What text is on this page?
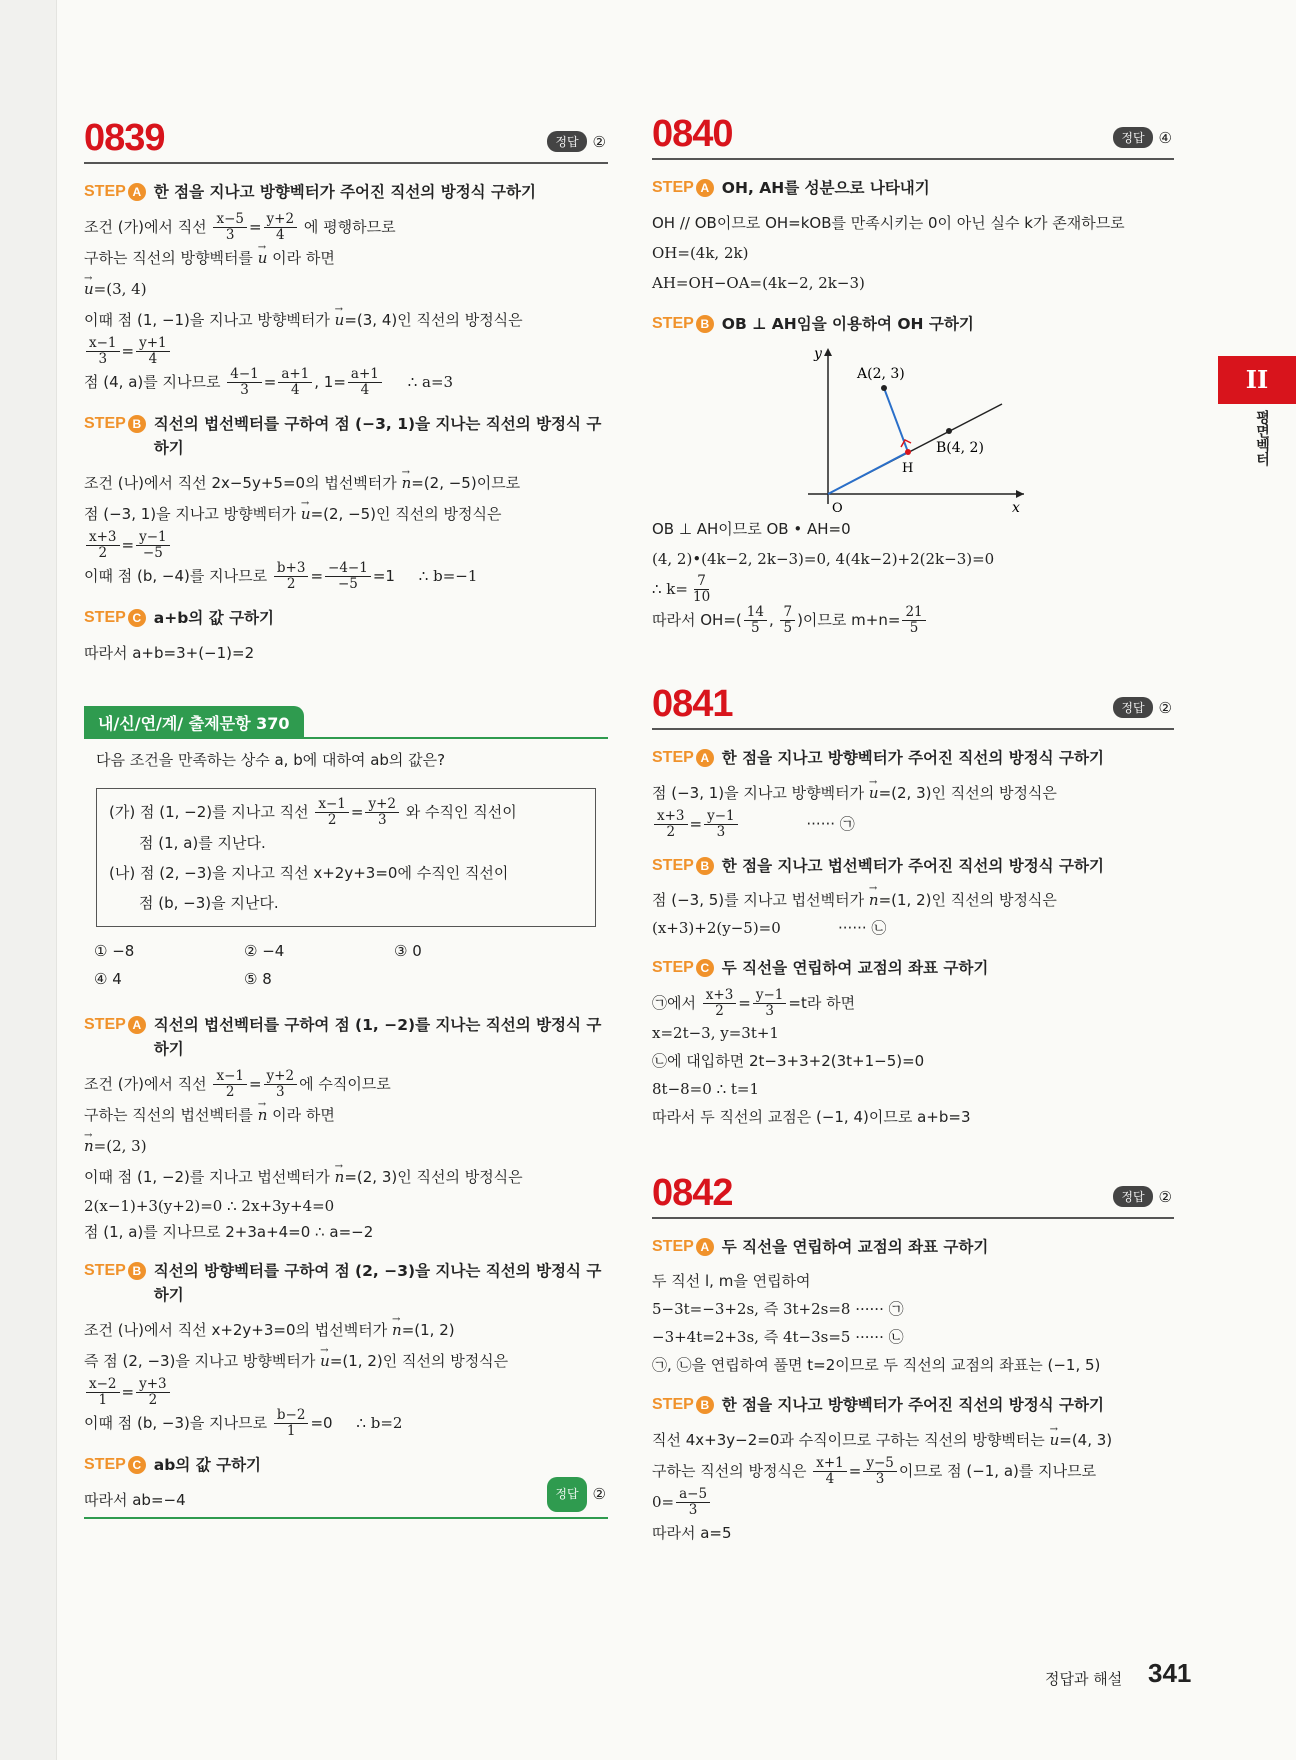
0839	정답 ②
STEP A 한 점을 지나고 방향벡터가 주어진 직선의 방정식 구하기
조건 (가)에서 직선 $\frac{x-5}{3} = \frac{y+2}{4}$ 에 평행하므로
구하는 직선의 방향벡터를 → u 이라 하면
→ u=(3, 4)
이때 점 (1, −1)을 지나고 방향벡터가 → u=(3, 4)인 직선의 방정식은
$\frac{x-1}{3} = \frac{y+1}{4}$
점 (4, a)를 지나므로 $\frac{4-1}{3} = \frac{a+1}{4}$ , $1= \frac{a+1}{4}$ ∴ a=3
STEP B 직선의 법선벡터를 구하여 점 (−3, 1)을 지나는 직선의 방정식 구하기
조건 (나)에서 직선 2x−5y+5=0의 법선벡터가 → n=(2, −5)이므로
점 (−3, 1)을 지나고 방향벡터가 → u=(2, −5)인 직선의 방정식은
$\frac{x+3}{2} = \frac{y-1}{-5}$
이때 점 (b, −4)를 지나므로 $\frac{b+3}{2} = \frac{-4-1}{-5} =1$ ∴ b=−1
STEP C a+b의 값 구하기
따라서 a+b=3+(−1)=2
내/신/연/계/ 출제문항 370
다음 조건을 만족하는 상수 a, b에 대하여 ab의 값은?
(가) 점 (1, −2)를 지나고 직선 $\frac{x-1}{2} = \frac{y+2}{3}$ 와 수직인 직선이
점 (1, a)를 지난다.
(나) 점 (2, −3)을 지나고 직선 x+2y+3=0에 수직인 직선이
점 (b, −3)을 지난다.
① −8	② −4	③ 0
④ 4	⑤ 8
STEP A 직선의 법선벡터를 구하여 점 (1, −2)를 지나는 직선의 방정식 구하기
조건 (가)에서 직선 $\frac{x-1}{2} = \frac{y+2}{3}$ 에 수직이므로
구하는 직선의 법선벡터를 → n 이라 하면
→ n=(2, 3)
이때 점 (1, −2)를 지나고 법선벡터가 → n=(2, 3)인 직선의 방정식은
2(x−1)+3(y+2)=0 ∴ 2x+3y+4=0
점 (1, a)를 지나므로 2+3a+4=0 ∴ a=−2
STEP B 직선의 방향벡터를 구하여 점 (2, −3)을 지나는 직선의 방정식 구하기
조건 (나)에서 직선 x+2y+3=0의 법선벡터가 → n=(1, 2)
즉 점 (2, −3)을 지나고 방향벡터가 → u=(1, 2)인 직선의 방정식은
$\frac{x-2}{1} = \frac{y+3}{2}$
이때 점 (b, −3)을 지나므로 $\frac{b-2}{1} =0$ ∴ b=2
STEP C ab의 값 구하기
따라서 ab=−4	정답 ②
0840	정답 ④
STEP A OH, AH를 성분으로 나타내기
OH // OB이므로 OH=kOB를 만족시키는 0이 아닌 실수 k가 존재하므로
OH=(4k, 2k)
AH=OH−OA=(4k−2, 2k−3)
STEP B OB ⊥ AH임을 이용하여 OH 구하기
y
x
O
A(2, 3)
B(4, 2)
H
OB ⊥ AH이므로 OB • AH=0
(4, 2)•(4k−2, 2k−3)=0, 4(4k−2)+2(2k−3)=0
∴ $k= \frac{7}{10}$
따라서 $OH=( \frac{14}{5}$ , $\frac{7}{5}$ )이므로 $m+n= \frac{21}{5}$
0841	정답 ②
STEP A 한 점을 지나고 방향벡터가 주어진 직선의 방정식 구하기
점 (−3, 1)을 지나고 방향벡터가 → u=(2, 3)인 직선의 방정식은
$\frac{x+3}{2} = \frac{y-1}{3}$	······ ㉠
STEP B 한 점을 지나고 법선벡터가 주어진 직선의 방정식 구하기
점 (−3, 5)를 지나고 법선벡터가 → n=(1, 2)인 직선의 방정식은
(x+3)+2(y−5)=0	······ ㉡
STEP C 두 직선을 연립하여 교점의 좌표 구하기
㉠에서 $\frac{x+3}{2} = \frac{y-1}{3} =t$라 하면
x=2t−3, y=3t+1
㉡에 대입하면 2t−3+3+2(3t+1−5)=0
8t−8=0 ∴ t=1
따라서 두 직선의 교점은 (−1, 4)이므로 a+b=3
0842	정답 ②
STEP A 두 직선을 연립하여 교점의 좌표 구하기
두 직선 l, m을 연립하여
5−3t=−3+2s, 즉 3t+2s=8 ······ ㉠
−3+4t=2+3s, 즉 4t−3s=5 ······ ㉡
㉠, ㉡을 연립하여 풀면 t=2이므로 두 직선의 교점의 좌표는 (−1, 5)
STEP B 한 점을 지나고 방향벡터가 주어진 직선의 방정식 구하기
직선 4x+3y−2=0과 수직이므로 구하는 직선의 방향벡터는 → u=(4, 3)
구하는 직선의 방정식은 $\frac{x+1}{4} = \frac{y-5}{3}$ 이므로 점 (−1, a)를 지나므로
$0= \frac{a-5}{3}$
따라서 a=5
II
평면벡터
정답과 해설 341
